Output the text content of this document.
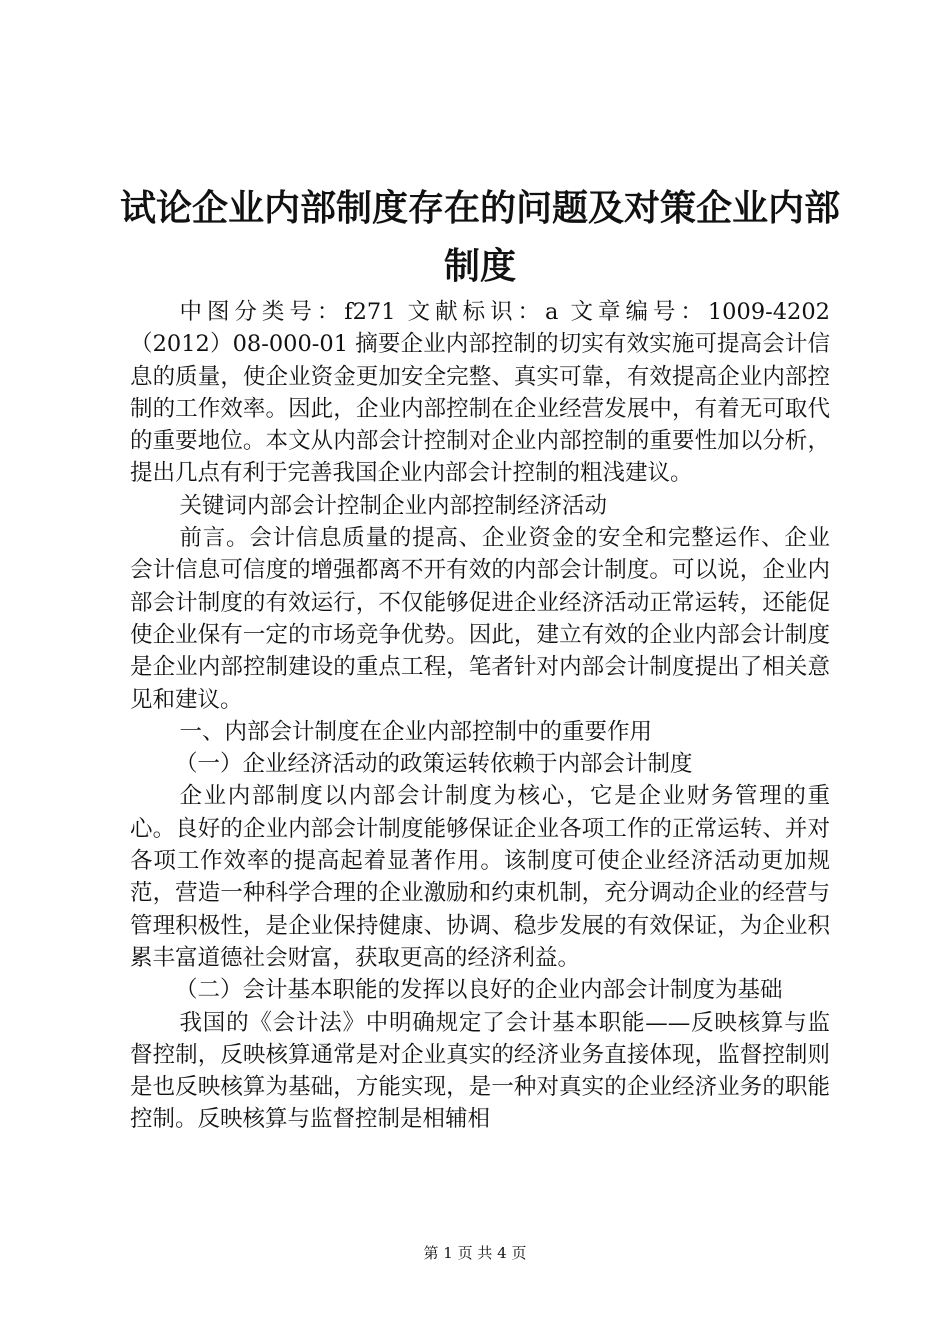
试论企业内部制度存在的问题及对策企业内部制度

中图分类号：f271 文献标识：a 文章编号：1009-4202（2012）08-000-01 摘要企业内部控制的切实有效实施可提高会计信息的质量，使企业资金更加安全完整、真实可靠，有效提高企业内部控制的工作效率。因此，企业内部控制在企业经营发展中，有着无可取代的重要地位。本文从内部会计控制对企业内部控制的重要性加以分析，提出几点有利于完善我国企业内部会计控制的粗浅建议。

关键词内部会计控制企业内部控制经济活动

前言。会计信息质量的提高、企业资金的安全和完整运作、企业会计信息可信度的增强都离不开有效的内部会计制度。可以说，企业内部会计制度的有效运行，不仅能够促进企业经济活动正常运转，还能促使企业保有一定的市场竞争优势。因此，建立有效的企业内部会计制度是企业内部控制建设的重点工程，笔者针对内部会计制度提出了相关意见和建议。

一、内部会计制度在企业内部控制中的重要作用

（一）企业经济活动的政策运转依赖于内部会计制度

企业内部制度以内部会计制度为核心，它是企业财务管理的重心。良好的企业内部会计制度能够保证企业各项工作的正常运转、并对各项工作效率的提高起着显著作用。该制度可使企业经济活动更加规范，营造一种科学合理的企业激励和约束机制，充分调动企业的经营与管理积极性，是企业保持健康、协调、稳步发展的有效保证，为企业积累丰富道德社会财富，获取更高的经济利益。

（二）会计基本职能的发挥以良好的企业内部会计制度为基础

我国的《会计法》中明确规定了会计基本职能——反映核算与监督控制，反映核算通常是对企业真实的经济业务直接体现，监督控制则是也反映核算为基础，方能实现，是一种对真实的企业经济业务的职能控制。反映核算与监督控制是相辅相

第 1 页 共 4 页
